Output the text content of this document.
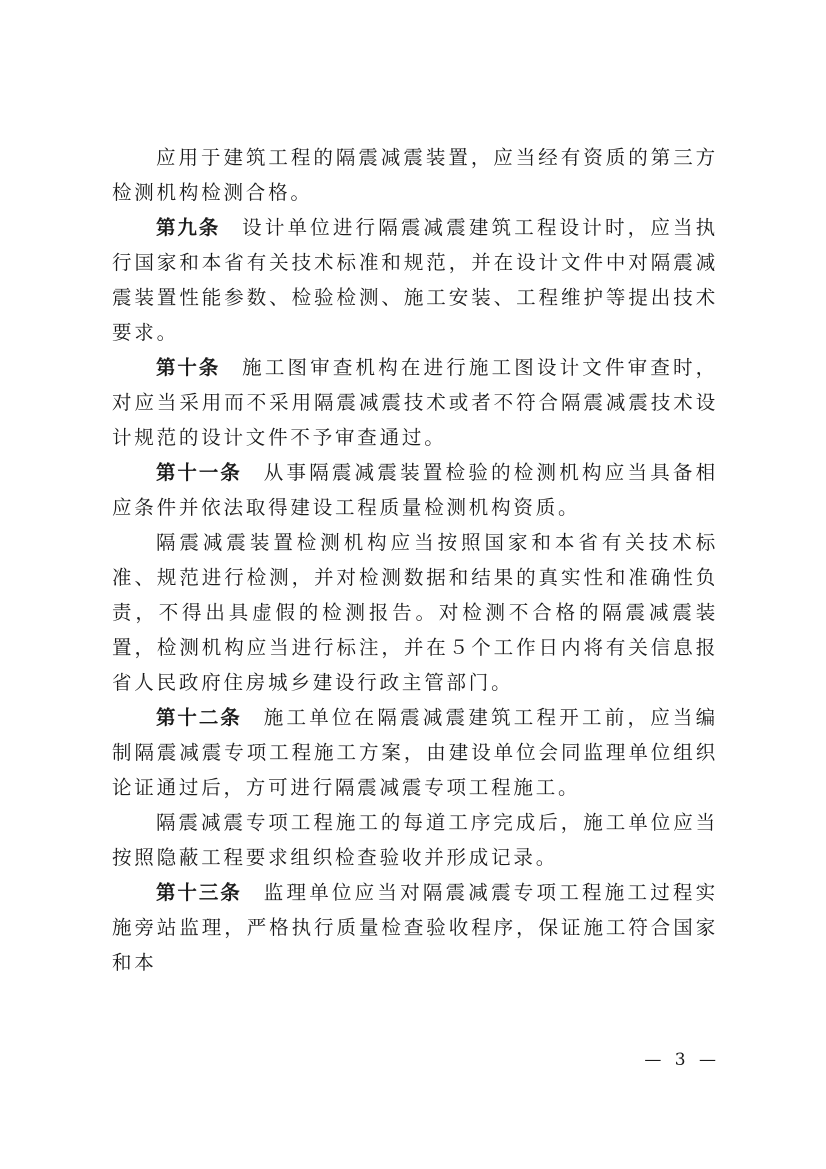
应用于建筑工程的隔震减震装置，应当经有资质的第三方检测机构检测合格。

第九条 设计单位进行隔震减震建筑工程设计时，应当执行国家和本省有关技术标准和规范，并在设计文件中对隔震减震装置性能参数、检验检测、施工安装、工程维护等提出技术要求。

第十条 施工图审查机构在进行施工图设计文件审查时，对应当采用而不采用隔震减震技术或者不符合隔震减震技术设计规范的设计文件不予审查通过。

第十一条 从事隔震减震装置检验的检测机构应当具备相应条件并依法取得建设工程质量检测机构资质。

隔震减震装置检测机构应当按照国家和本省有关技术标准、规范进行检测，并对检测数据和结果的真实性和准确性负责，不得出具虚假的检测报告。对检测不合格的隔震减震装置，检测机构应当进行标注，并在５个工作日内将有关信息报省人民政府住房城乡建设行政主管部门。

第十二条 施工单位在隔震减震建筑工程开工前，应当编制隔震减震专项工程施工方案，由建设单位会同监理单位组织论证通过后，方可进行隔震减震专项工程施工。

隔震减震专项工程施工的每道工序完成后，施工单位应当按照隐蔽工程要求组织检查验收并形成记录。

第十三条 监理单位应当对隔震减震专项工程施工过程实施旁站监理，严格执行质量检查验收程序，保证施工符合国家和本

— 3 —
